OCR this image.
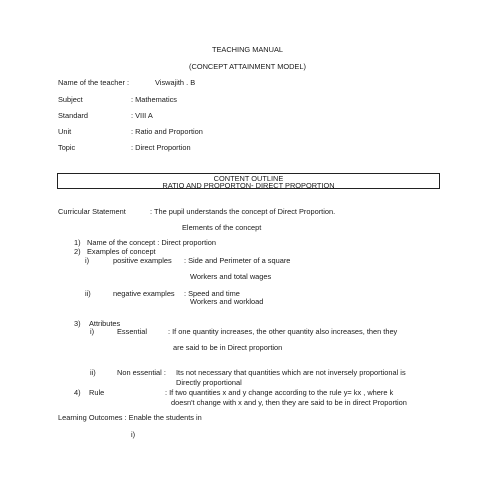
TEACHING MANUAL
(CONCEPT ATTAINMENT MODEL)
Name of the teacher :	Viswajith . B
Subject	: Mathematics
Standard	: VIII A
Unit	: Ratio and Proportion
Topic	: Direct Proportion
CONTENT OUTLINE
RATIO AND PROPORTON- DIRECT PROPORTION
Curricular Statement	: The pupil understands the concept of Direct Proportion.
Elements of the concept
1) Name of the concept : Direct proportion
2) Examples of concept
i)	positive examples : Side and Perimeter of a square
Workers and total wages
ii)	negative examples : Speed and time
Workers and workload
3) Attributes
i)	Essential	: If one quantity increases, the other quantity also increases, then they
are said to be in Direct proportion
ii)	Non essential : Its not necessary that quantities which are not inversely proportional is
Directly proportional
4) Rule	: If two quantities x and y change according to the rule y= kx , where k
doesn't change with x and y, then they are said to be in direct Proportion
Learning Outcomes : Enable the students in
i)
